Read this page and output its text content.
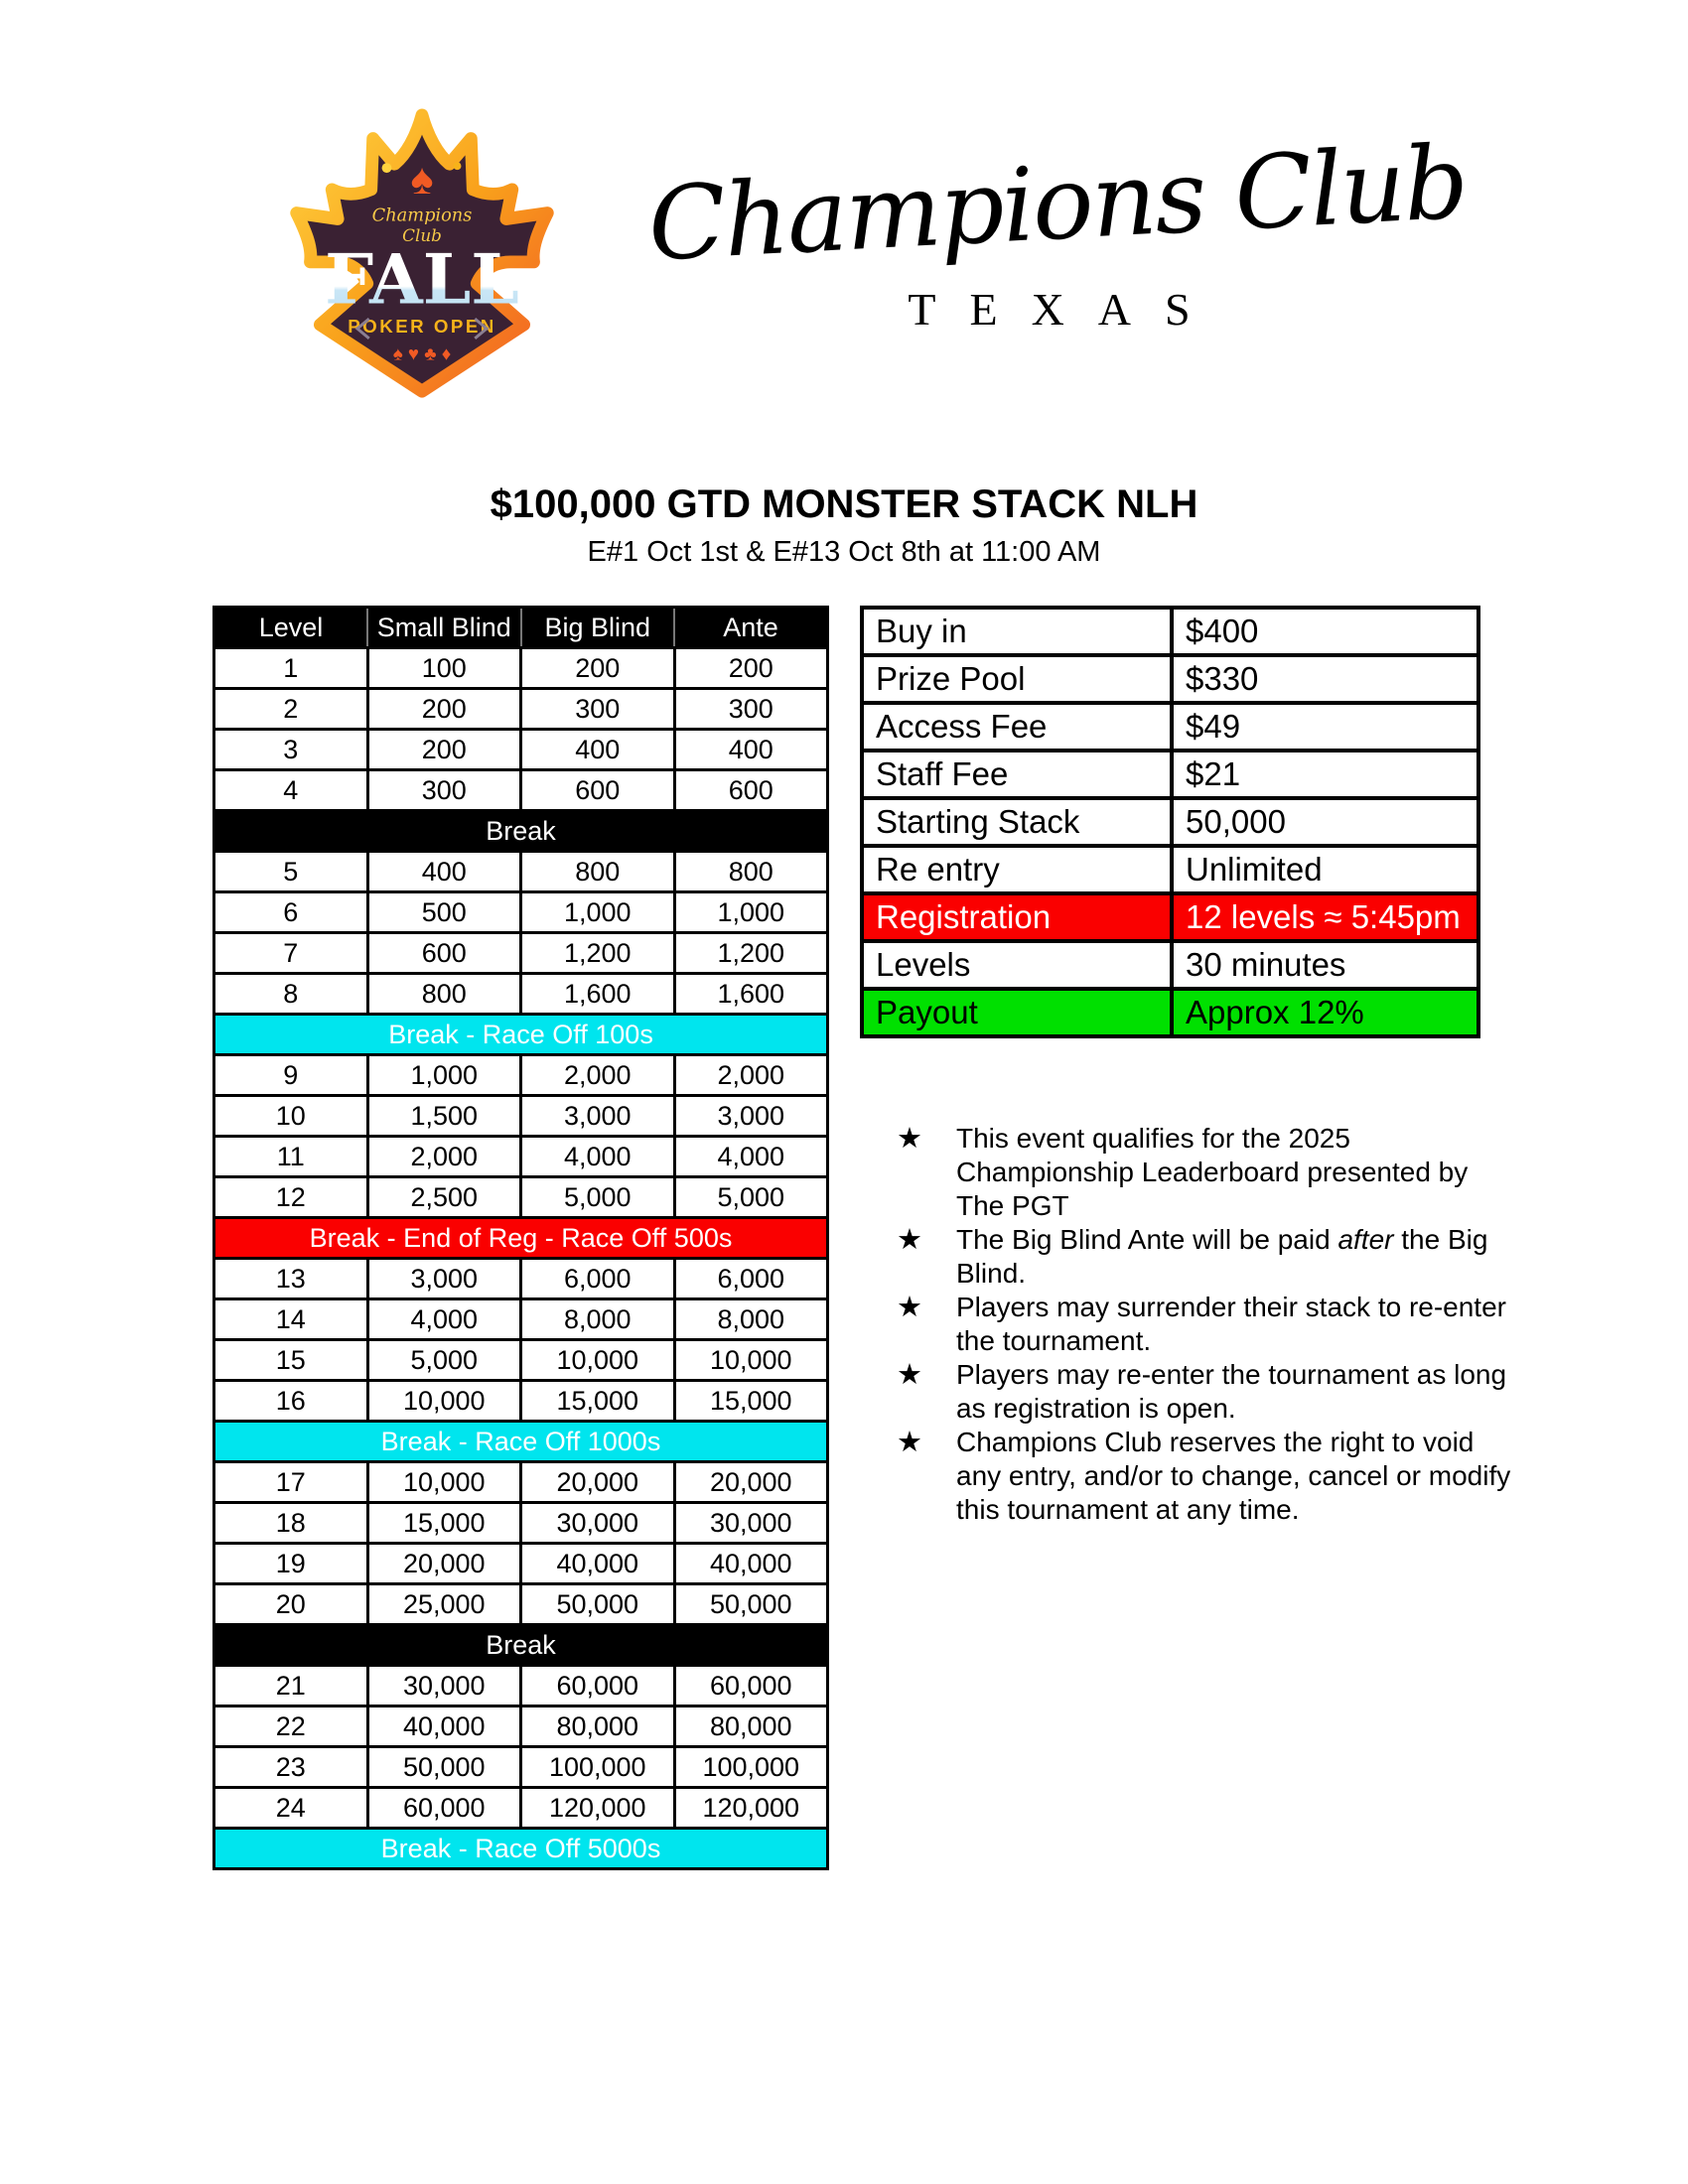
♠
Champions
Club
FALL
POKER OPEN
♠ ♥ ♣ ♦
Champions Club
TEXAS
$100,000 GTD MONSTER STACK NLH
E#1 Oct 1st & E#13 Oct 8th at 11:00 AM
Level	Small Blind	Big Blind	Ante
1	100	200	200
2	200	300	300
3	200	400	400
4	300	600	600
Break			
5	400	800	800
6	500	1,000	1,000
7	600	1,200	1,200
8	800	1,600	1,600
Break - Race Off 100s			
9	1,000	2,000	2,000
10	1,500	3,000	3,000
11	2,000	4,000	4,000
12	2,500	5,000	5,000
Break - End of Reg - Race Off 500s			
13	3,000	6,000	6,000
14	4,000	8,000	8,000
15	5,000	10,000	10,000
16	10,000	15,000	15,000
Break - Race Off 1000s			
17	10,000	20,000	20,000
18	15,000	30,000	30,000
19	20,000	40,000	40,000
20	25,000	50,000	50,000
Break			
21	30,000	60,000	60,000
22	40,000	80,000	80,000
23	50,000	100,000	100,000
24	60,000	120,000	120,000
Break - Race Off 5000s			
Buy in	$400
Prize Pool	$330
Access Fee	$49
Staff Fee	$21
Starting Stack	50,000
Re entry	Unlimited
Registration	12 levels ≈ 5:45pm
Levels	30 minutes
Payout	Approx 12%
★	This event qualifies for the 2025 Championship Leaderboard presented by The PGT
★	The Big Blind Ante will be paid after the Big Blind.
★	Players may surrender their stack to re-enter the tournament.
★	Players may re-enter the tournament as long as registration is open.
★	Champions Club reserves the right to void any entry, and/or to change, cancel or modify this tournament at any time.
